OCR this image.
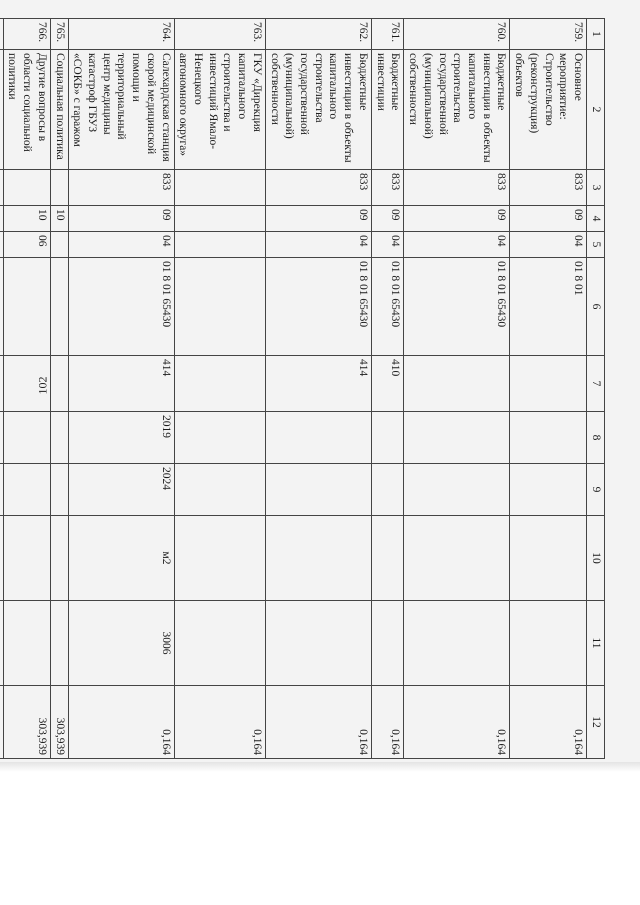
102
1	2	3	4	5	6	7	8	9	10	11	12
759.	Основное мероприятие: Строительство (реконструкция) объектов	833	09	04	01 8 01						0,164
760.	Бюджетные инвестиции в объекты капитального строительства государственной (муниципальной) собственности	833	09	04	01 8 01 65430						0,164
761.	Бюджетные инвестиции	833	09	04	01 8 01 65430	410					0,164
762.	Бюджетные инвестиции в объекты капитального строительства государственной (муниципальной) собственности	833	09	04	01 8 01 65430	414					0,164
763.	ГКУ «Дирекция капитального строительства и инвестиций Ямало-Ненецкого автономного округа»										0,164
764.	Салехардская станция скорой медицинской помощи и территориальный центр медицины катастроф ГБУЗ «СОКБ» с гаражом	833	09	04	01 8 01 65430	414	2019	2024	м2	3006	0,164
765.	Социальная политика		10								303,939
766.	Другие вопросы в области социальной политики		10	06							303,939
